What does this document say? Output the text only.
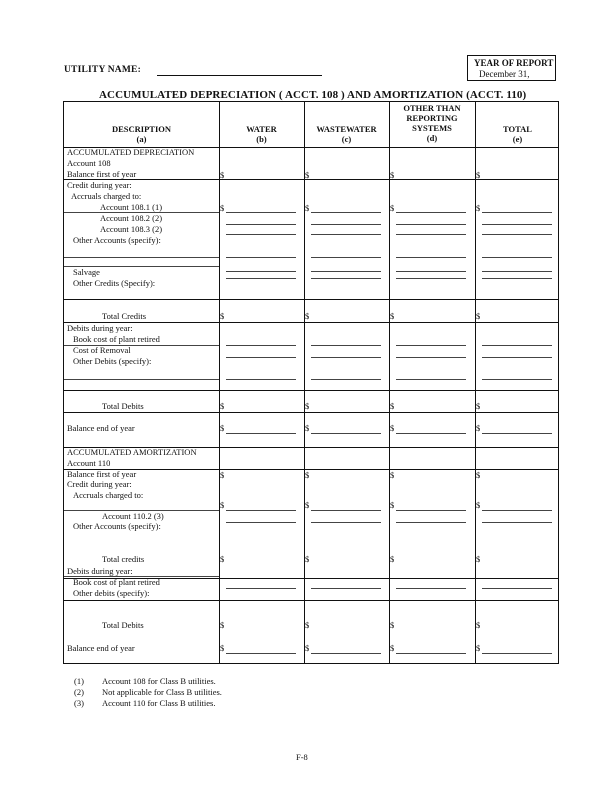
UTILITY NAME:
YEAR OF REPORT
December 31,
ACCUMULATED DEPRECIATION ( ACCT. 108 ) AND AMORTIZATION (ACCT. 110)
DESCRIPTION
(a)
WATER
(b)
WASTEWATER
(c)
OTHER THAN
REPORTING
SYSTEMS
(d)
TOTAL
(e)
ACCUMULATED DEPRECIATION
Account 108
Balance first of year
Credit during year:
Accruals charged to:
Account 108.1 (1)
Account 108.2 (2)
Account 108.3 (2)
Other Accounts (specify):
Salvage
Other Credits (Specify):
Total Credits
Debits during year:
Book cost of plant retired
Cost of Removal
Other Debits (specify):
Total Debits
Balance end of year
ACCUMULATED AMORTIZATION
Account 110
Balance first of year
Credit during year:
Accruals charged to:
Account 110.2 (3)
Other Accounts (specify):
Total credits
Debits during year:
Book cost of plant retired
Other debits (specify):
Total Debits
Balance end of year
$
$
$
$
$
$
$
$
$
$
$
$
$
$
$
$
$
$
$
$
$
$
$
$
$
$
$
$
$
$
$
$
$
$
$
$
$
$
$
$
(1) Account 108 for Class B utilities.
(2) Not applicable for Class B utilities.
(3) Account 110 for Class B utilities.
F-8
